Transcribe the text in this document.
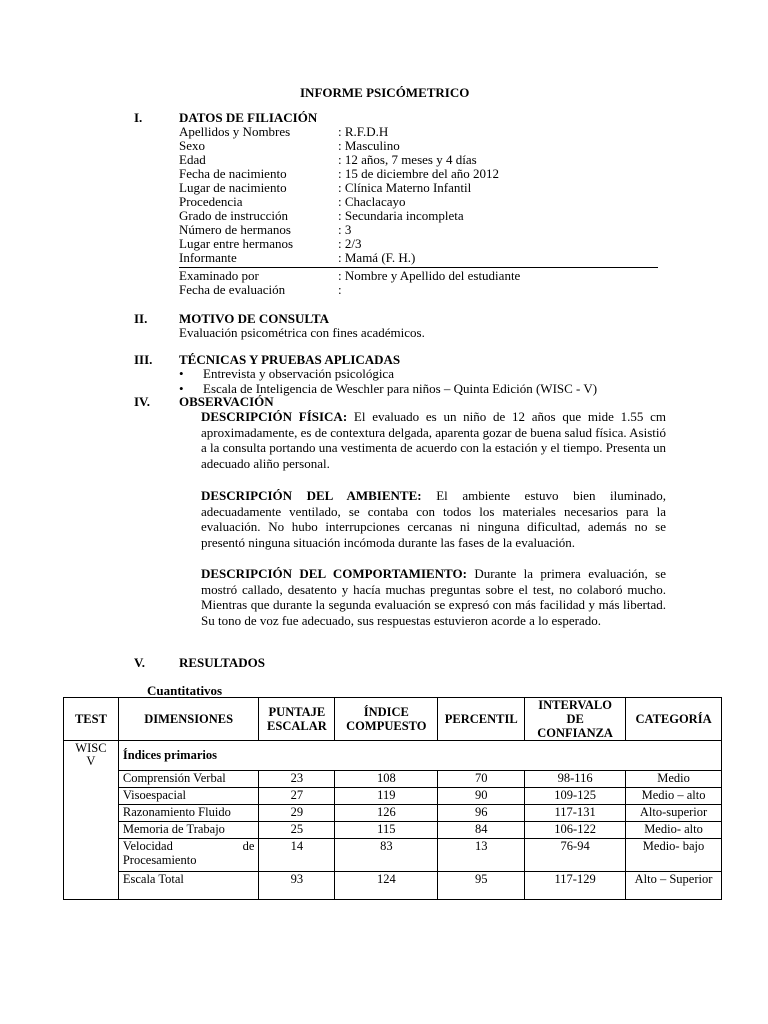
INFORME PSICÓMETRICO
I.	DATOS DE FILIACIÓN
Apellidos y Nombres	: R.F.D.H
Sexo	: Masculino
Edad	: 12 años, 7 meses y 4 días
Fecha de nacimiento	: 15 de diciembre del año 2012
Lugar de nacimiento	: Clínica Materno Infantil
Procedencia	: Chaclacayo
Grado de instrucción	: Secundaria incompleta
Número de hermanos	: 3
Lugar entre hermanos	: 2/3
Informante	: Mamá (F. H.)
Examinado por	: Nombre y Apellido del estudiante
Fecha de evaluación	:
II. MOTIVO DE CONSULTA
Evaluación psicométrica con fines académicos.
III. TÉCNICAS Y PRUEBAS APLICADAS
• Entrevista y observación psicológica
• Escala de Inteligencia de Weschler para niños – Quinta Edición (WISC - V)
IV. OBSERVACIÓN
DESCRIPCIÓN FÍSICA: El evaluado es un niño de 12 años que mide 1.55 cm aproximadamente, es de contextura delgada, aparenta gozar de buena salud física. Asistió a la consulta portando una vestimenta de acuerdo con la estación y el tiempo. Presenta un adecuado aliño personal.
DESCRIPCIÓN DEL AMBIENTE: El ambiente estuvo bien iluminado, adecuadamente ventilado, se contaba con todos los materiales necesarios para la evaluación. No hubo interrupciones cercanas ni ninguna dificultad, además no se presentó ninguna situación incómoda durante las fases de la evaluación.
DESCRIPCIÓN DEL COMPORTAMIENTO: Durante la primera evaluación, se mostró callado, desatento y hacía muchas preguntas sobre el test, no colaboró mucho. Mientras que durante la segunda evaluación se expresó con más facilidad y más libertad. Su tono de voz fue adecuado, sus respuestas estuvieron acorde a lo esperado.
V.	RESULTADOS
Cuantitativos
TEST	DIMENSIONES	PUNTAJE ESCALAR	ÍNDICE COMPUESTO	PERCENTIL	INTERVALO DE CONFIANZA	CATEGORÍA
WISC V	Índices primarios					
	Comprensión Verbal	23	108	70	98-116	Medio
	Visoespacial	27	119	90	109-125	Medio – alto
	Razonamiento Fluido	29	126	96	117-131	Alto-superior
	Memoria de Trabajo	25	115	84	106-122	Medio- alto
	Velocidad de Procesamiento	14	83	13	76-94	Medio- bajo
	Escala Total	93	124	95	117-129	Alto – Superior
